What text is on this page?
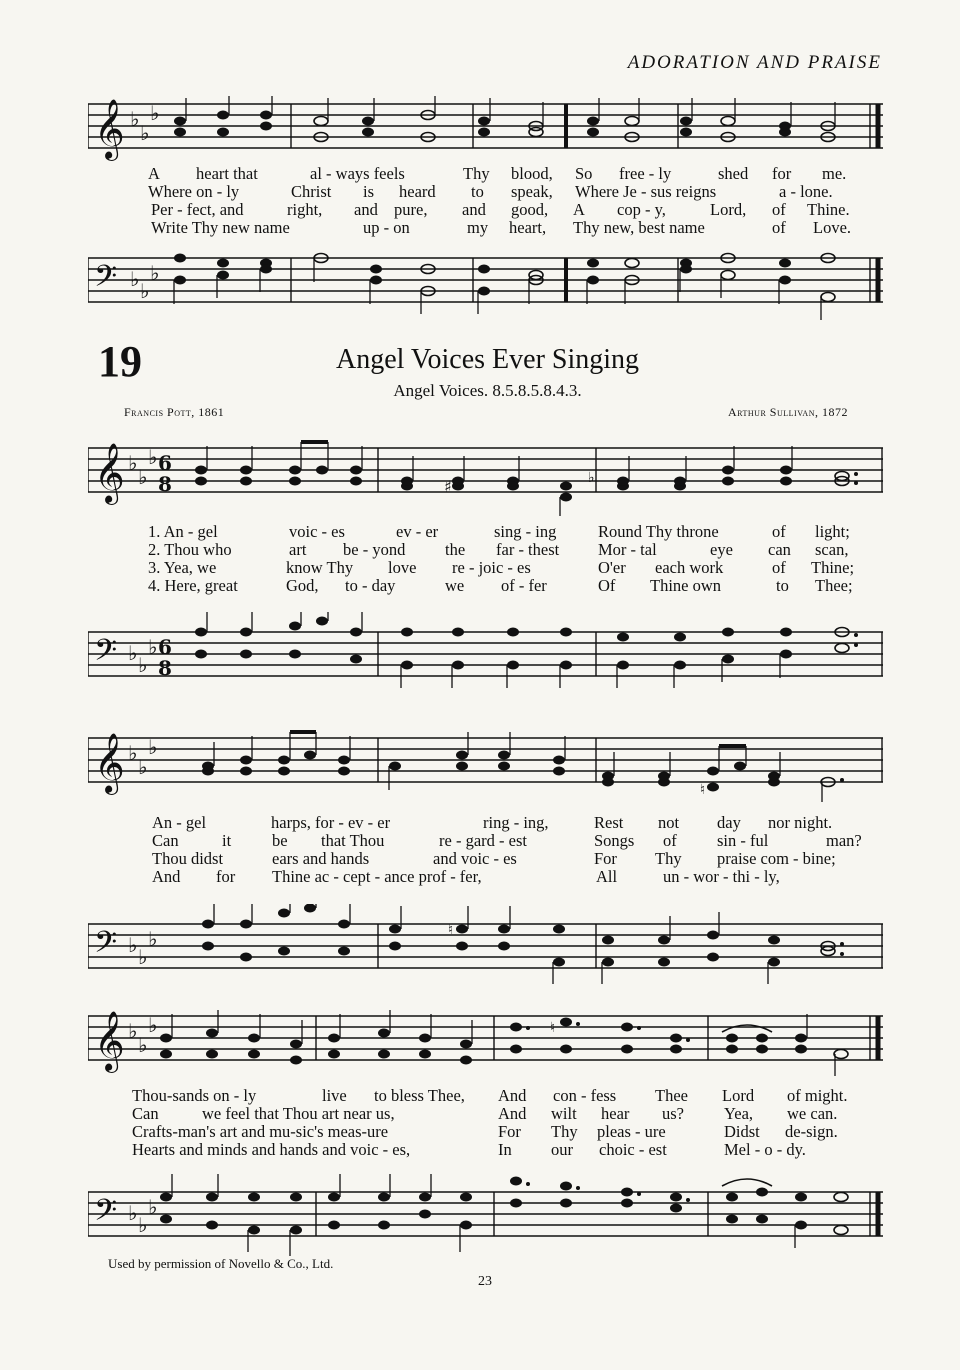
ADORATION AND PRAISE
𝄞 ♭
♭
♭
A heart that	al - ways feels	Thy blood, So free - ly	shed for me.
Where on - ly	Christ is heard to speak, Where Je - sus reigns	a - lone.
Per - fect, and	right, and pure, and good, A cop - y,	Lord, of Thine.
Write Thy new name	up - on	my heart, Thy new, best name	of Love.
𝄢 ♭ ♭
♭
19	Angel Voices Ever Singing
Angel Voices. 8.5.8.5.8.4.3.
Francis Pott, 1861	Arthur Sullivan, 1872
𝄞 ♭
♭
♭ 6
8	♯	♭
1. An - gel	voic - es	ev - er	sing - ing	Round Thy throne	of light;
2. Thou who	art be - yond the far - thest Mor - tal	eye can scan,
3. Yea, we	know Thy love re - joic - es	O'er each work	of Thine;
4. Here, great	God, to - day	we of - fer	Of Thine own	to Thee;
𝄢 ♭ ♭
♭ 6
8
𝄞 ♭
♭
♭
♮
An - gel	harps, for - ev - er	ring - ing,	Rest not day nor night.
Can	it be that Thou	re - gard - est	Songs of sin - ful	man?
Thou didst	ears and hands	and voic - es	For Thy praise com - bine;
And for Thine ac - cept - ance prof - fer,	All	un - wor - thi - ly,
𝄢 ♭ ♭
♭	♮
𝄞 ♭
♭
♭	♮
Thou-sands on - ly	live to bless Thee, And con - fess Thee Lord of might.
Can	we feel that Thou art near us,	And wilt hear us? Yea, we can.
Crafts-man's art and mu-sic's meas-ure	For Thy pleas - ure	Didst de-sign.
Hearts and minds and hands and voic - es,	In our choic - est	Mel - o - dy.
𝄢 ♭ ♭
♭
Used by permission of Novello & Co., Ltd.
23
